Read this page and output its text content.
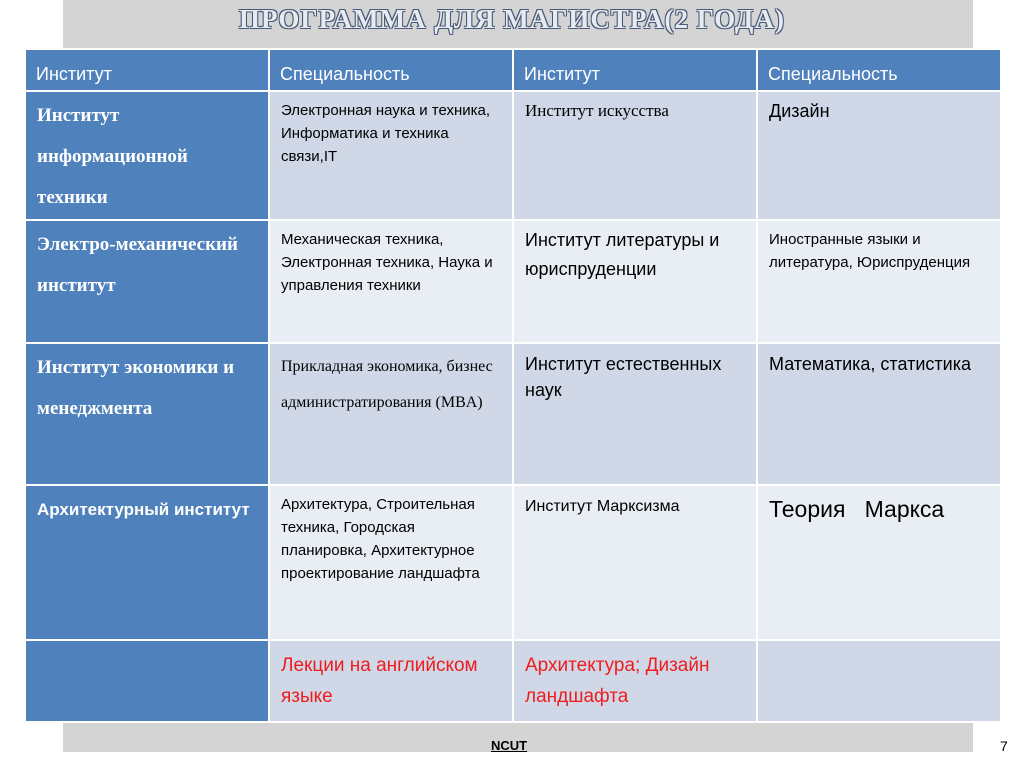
ПРОГРАММА ДЛЯ МАГИСТРА(2 ГОДА)
Институт	Специальность	Институт	Специальность

Институт информационной техники	Электронная наука и техника, Информатика и техника связи,IT	Институт искусства	Дизайн

Электро-механический институт	Механическая техника, Электронная техника, Наука и управления техники	Институт литературы и юриспруденции	Иностранные языки и литература, Юриспруденция

Институт экономики и менеджмента	Прикладная экономика, бизнес администратирования (MBA)	Институт естественных наук	Математика, статистика

Архитектурный институт	Архитектура, Строительная техника, Городская планировка, Архитектурное проектирование ландшафта	Институт Марксизма	Теория   Маркса

	Лекции на английском языке	Архитектура; Дизайн ландшафта	

NCUT	7
